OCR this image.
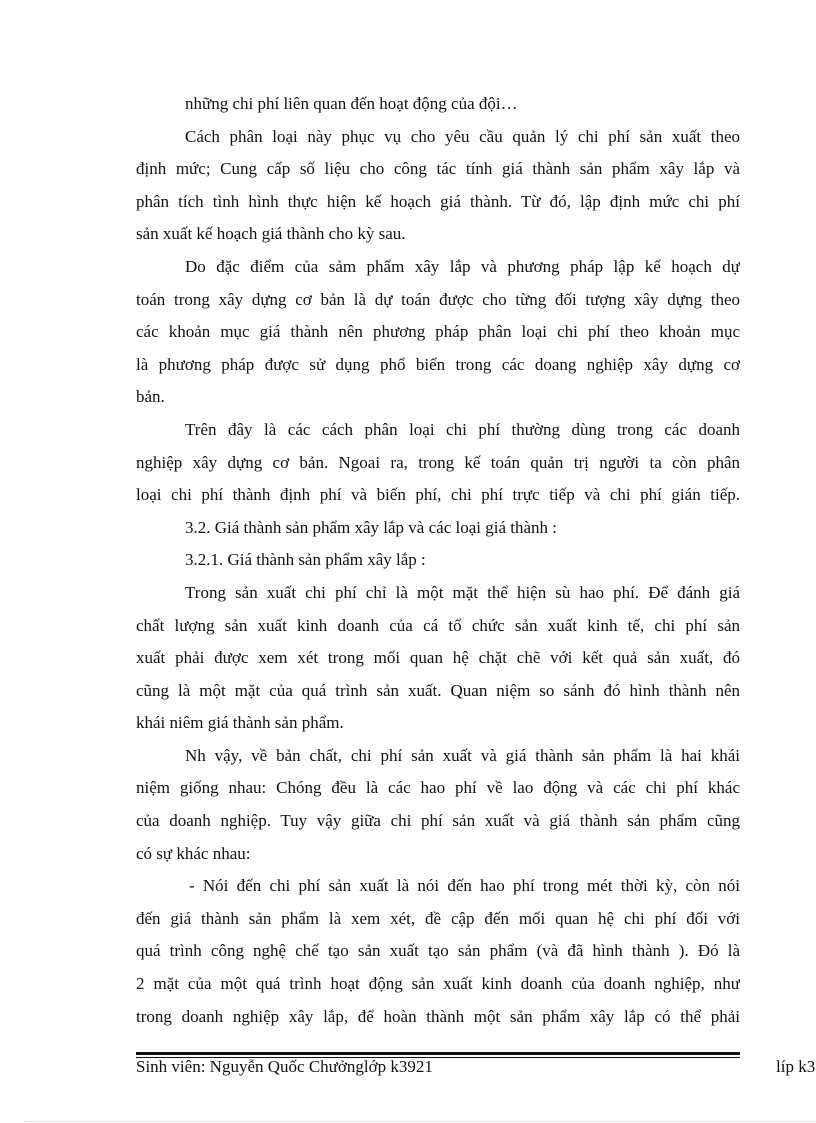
những chi phí liên quan đến hoạt động của đội…
Cách phân loại này phục vụ cho yêu cầu quản lý chi phí sản xuất theo
định mức; Cung cấp số liệu cho công tác tính giá thành sản phẩm xây lắp và
phân tích tình hình thực hiện kế hoạch giá thành. Từ đó, lập định mức chi phí
sản xuất kế hoạch giá thành cho kỳ sau.
Do đặc điểm của sảm phẩm xây lắp và phương pháp lập kế hoạch dự
toán trong xây dựng cơ bản là dự toán được cho từng đối tượng xây dựng theo
các khoản mục giá thành nên phương pháp phân loại chi phí theo khoản mục
là phương pháp được sử dụng phổ biến trong các doang nghiệp xây dựng cơ
bản.
Trên đây là các cách phân loại chi phí thường dùng trong các doanh
nghiệp xây dựng cơ bản. Ngoai ra, trong kế toán quản trị người ta còn phân
loại chi phí thành định phí và biến phí, chi phí trực tiếp và chi phí gián tiếp.
3.2. Giá thành sản phẩm xây lắp và các loại giá thành :
3.2.1. Giá thành sản phẩm xây lắp :
Trong sản xuất chi phí chỉ là một mặt thể hiện sù hao phí. Để đánh giá
chất lượng sản xuất kinh doanh của cá tổ chức sản xuất kinh tế, chi phí sản
xuất phải được xem xét trong mối quan hệ chặt chẽ với kết quả sản xuất, đó
cũng là một mặt của quá trình sản xuất. Quan niệm so sánh đó hình thành nên
khái niêm giá thành sản phẩm.
Nh vậy, về bản chất, chi phí sản xuất và giá thành sản phẩm là hai khái
niệm giống nhau: Chóng đều là các hao phí về lao động và các chi phí khác
của doanh nghiệp. Tuy vậy giữa chi phí sản xuất và giá thành sản phẩm cũng
có sự khác nhau:
- Nói đến chi phí sản xuất là nói đến hao phí trong mét thời kỳ, còn nói
đến giá thành sản phẩm là xem xét, đề cập đến mối quan hệ chi phí đối với
quá trình công nghệ chế tạo sản xuất tạo sản phẩm (và đã hình thành ). Đó là
2 mặt của một quá trình hoạt động sản xuất kinh doanh của doanh nghiệp, như
trong doanh nghiệp xây lắp, để hoàn thành một sản phẩm xây lắp có thể phải
Sinh viên: Nguyễn Quốc Chưởnglớp k3921	líp k3
